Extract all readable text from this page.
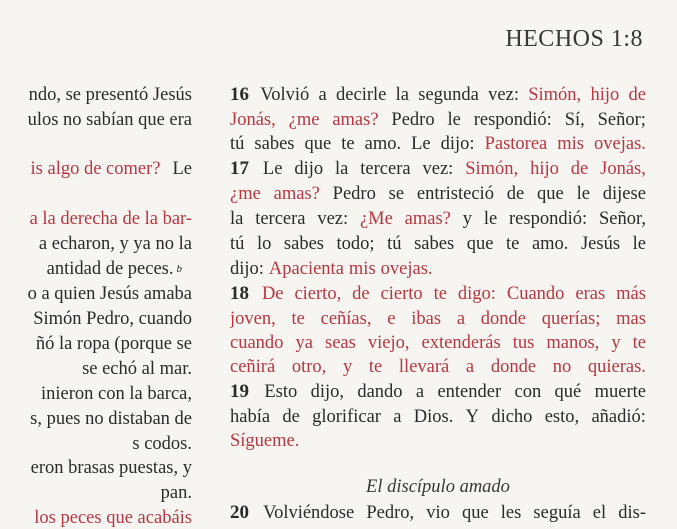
HECHOS 1:8
ndo, se presentó Jesús
ulos no sabían que era
is algo de comer? Le
a la derecha de la bar-
a echaron, y ya no la
antidad de peces. b
o a quien Jesús amaba
Simón Pedro, cuando
ñó la ropa (porque se
se echó al mar.
inieron con la barca,
s, pues no distaban de
s codos.
eron brasas puestas, y
pan.
los peces que acabáis
El discípulo amado
16 Volvió a decirle la segunda vez: Simón, hijo de
Jonás, ¿me amas? Pedro le respondió: Sí, Señor;
tú sabes que te amo. Le dijo: Pastorea mis ovejas.
17 Le dijo la tercera vez: Simón, hijo de Jonás,
¿me amas? Pedro se entristeció de que le dijese
la tercera vez: ¿Me amas? y le respondió: Señor,
tú lo sabes todo; tú sabes que te amo. Jesús le
dijo: Apacienta mis ovejas.
18 De cierto, de cierto te digo: Cuando eras más
joven, te ceñías, e ibas a donde querías; mas
cuando ya seas viejo, extenderás tus manos, y te
ceñirá otro, y te llevará a donde no quieras.
19 Esto dijo, dando a entender con qué muerte
había de glorificar a Dios. Y dicho esto, añadió:
Sígueme.
20 Volviéndose Pedro, vio que les seguía el dis-
